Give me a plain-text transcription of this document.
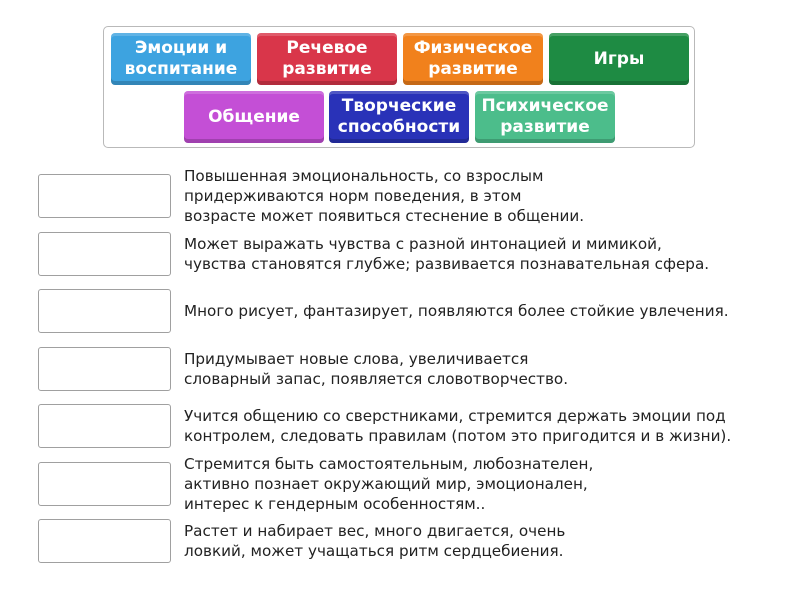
Эмоции и
воспитание
Речевое
развитие
Физическое
развитие
Игры
Общение
Творческие
способности
Психическое
развитие
Повышенная эмоциональность, со взрослым
придерживаются норм поведения, в этом
возрасте может появиться стеснение в общении.
Может выражать чувства с разной интонацией и мимикой,
чувства становятся глубже; развивается познавательная сфера.
Много рисует, фантазирует, появляются более стойкие увлечения.
Придумывает новые слова, увеличивается
словарный запас, появляется словотворчество.
Учится общению со сверстниками, стремится держать эмоции под
контролем, следовать правилам (потом это пригодится и в жизни).
Стремится быть самостоятельным, любознателен,
активно познает окружающий мир, эмоционален,
интерес к гендерным особенностям..
Растет и набирает вес, много двигается, очень
ловкий, может учащаться ритм сердцебиения.
